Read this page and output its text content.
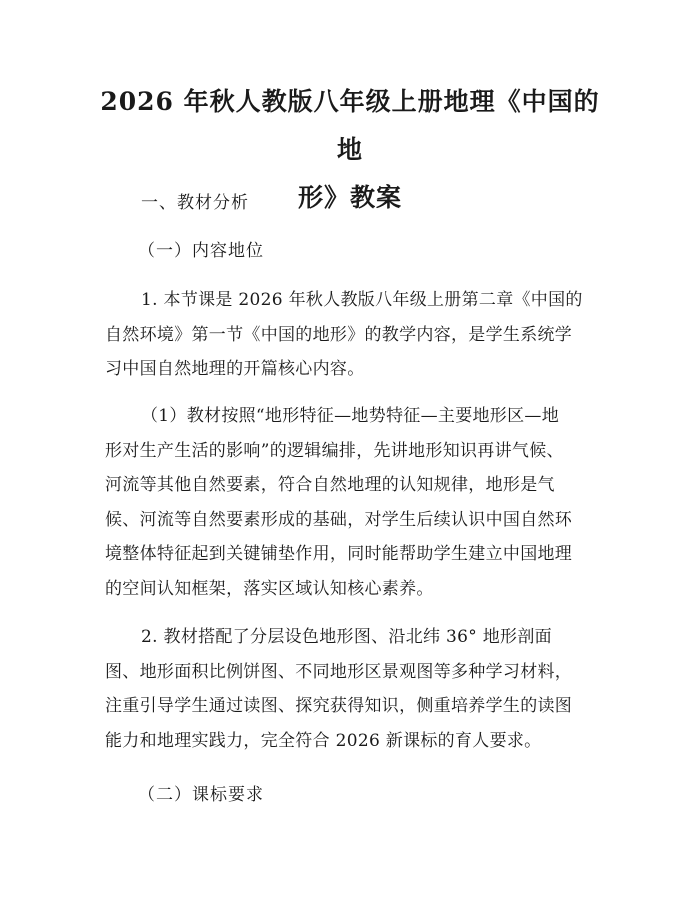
2026 年秋人教版八年级上册地理《中国的地
形》教案
一、教材分析
（一）内容地位
1. 本节课是 2026 年秋人教版八年级上册第二章《中国的
自然环境》第一节《中国的地形》的教学内容，是学生系统学
习中国自然地理的开篇核心内容。
（1）教材按照“地形特征—地势特征—主要地形区—地
形对生产生活的影响”的逻辑编排，先讲地形知识再讲气候、
河流等其他自然要素，符合自然地理的认知规律，地形是气
候、河流等自然要素形成的基础，对学生后续认识中国自然环
境整体特征起到关键铺垫作用，同时能帮助学生建立中国地理
的空间认知框架，落实区域认知核心素养。
2. 教材搭配了分层设色地形图、沿北纬 36° 地形剖面
图、地形面积比例饼图、不同地形区景观图等多种学习材料，
注重引导学生通过读图、探究获得知识，侧重培养学生的读图
能力和地理实践力，完全符合 2026 新课标的育人要求。
（二）课标要求
